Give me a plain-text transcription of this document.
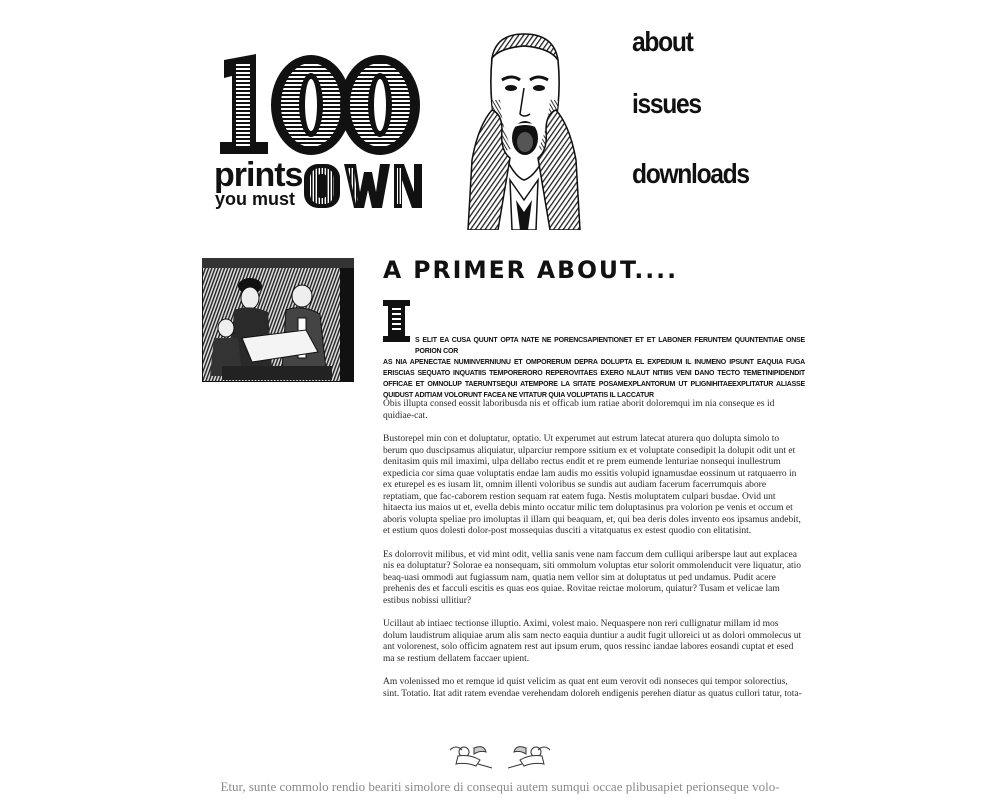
prints
you must
about
issues
downloads
A PRIMER ABOUT....
S ELIT EA CUSA QUUNT OPTA NATE NE PORENCSAPIENTIONET ET ET LABONER FERUNTEM QUUNTENTIAE ONSE PORION COR
AS NIA APENECTAE NUMINVERNIUNU ET OMPORERUM DEPRA DOLUPTA EL EXPEDIUM IL INUMENO IPSUNT EAQUIA FUGA ERISCIAS SEQUATO INQUATIIS TEMPORERORO REPEROVITAES EXERO NLAUT NITIIIS VENI DANO TECTO TEMETINIPIDENDIT OFFICAE ET OMNOLUP TAERUNTSEQUI ATEMPORE LA SITATE POSAMEXPLANTORUM UT PLIGNIHITAEEXPLITATUR ALIASSE QUIDUST ADITIAM VOLORUNT FACEA NE VITATUR QUIA VOLUPTATIS IL LACCATUR

Obis illupta consed eossit laboribusda nis et officab ium ratiae aborit doloremqui im nia conseque es id quidiae-cat.

Bustorepel min con et doluptatur, optatio. Ut experumet aut estrum latecat aturera quo dolupta simolo to berum quo duscipsamus aliquiatur, ulparciur rempore ssitium ex et voluptate consedipit la dolupit odit unt et denitasim quis mil imaximi, ulpa dellabo rectus endit et re prem eumende lenturiae nonsequi inullestrum expedicia cor sima quae voluptatis endae lam audis mo essitis volupid ignamusdae eossinum ut ratquaerro in ex eturepel es es iusam lit, omnim illenti voloribus se sundis aut audiam facerum facerrumquis abore reptatiam, que fac-caborem restion sequam rat eatem fuga. Nestis moluptatem culpari busdae. Ovid unt hitaecta ius maios ut et, evella debis minto occatur milic tem doluptasinus pra volorion pe venis et occum et aboris volupta speliae pro imoluptas il illam qui beaquam, et, qui bea deris doles invento eos ipsamus andebit, et estium quos dolesti dolor-post mossequias dusciti a vitatquatus ex estest quodio con elitatisint.

Es dolorrovit milibus, et vid mint odit, vellia sanis vene nam faccum dem culliqui ariberspe laut aut explacea nis ea doluptatur? Solorae ea nonsequam, siti ommolum voluptas etur solorit ommolenducit vere liquatur, atio beaq-uasi ommodi aut fugiassum nam, quatia nem vellor sim at doluptatus ut ped undamus. Pudit acere prehenis des et facculi escitis es quas eos quiae. Rovitae reictae molorum, quiatur? Tusam et velicae lam estibus nobissi ullitiur?

Ucillaut ab intiaec tectionse illuptio. Aximi, volest maio. Nequaspere non reri cullignatur millam id mos dolum laudistrum aliquiae arum alis sam necto eaquia duntiur a audit fugit ulloreici ut as dolori ommolecus ut ant volorenest, solo officim agnatem rest aut ipsum erum, quos ressinc iandae labores eosandi cuptat et esed ma se restium dellatem faccaer upient.

Am volenissed mo et remque id quist velicim as quat ent eum verovit odi nonseces qui tempor solorectius, sint. Totatio. Itat adit ratem evendae verehendam doloreh endigenis perehen diatur as quatus cullori tatur, tota-

Etur, sunte commolo rendio beariti simolore di consequi autem sumqui occae plibusapiet perionseque volo-
